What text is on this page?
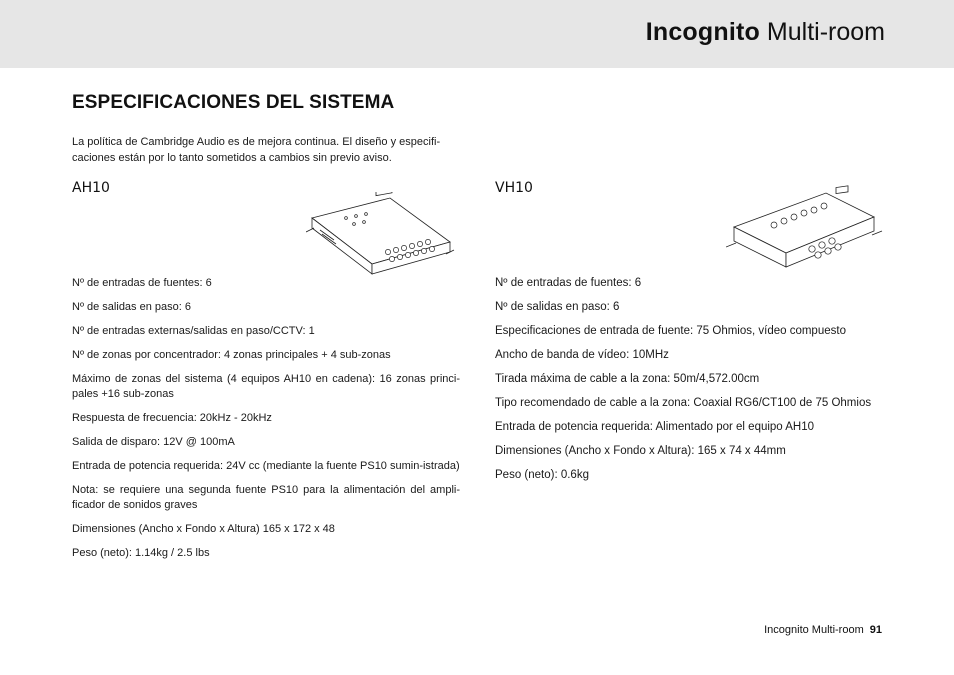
Incognito Multi-room
ESPECIFICACIONES DEL SISTEMA

La política de Cambridge Audio es de mejora continua. El diseño y especifi-caciones están por lo tanto sometidos a cambios sin previo aviso.

AH10	VH10

Nº de entradas de fuentes: 6

Nº de salidas en paso: 6

Nº de entradas externas/salidas en paso/CCTV: 1

Nº de zonas por concentrador: 4 zonas principales + 4 sub-zonas

Máximo de zonas del sistema (4 equipos AH10 en cadena): 16 zonas princi-pales +16 sub-zonas

Respuesta de frecuencia: 20kHz - 20kHz

Salida de disparo: 12V @ 100mA

Entrada de potencia requerida: 24V cc (mediante la fuente PS10 sumin-istrada)

Nota: se requiere una segunda fuente PS10 para la alimentación del ampli-ficador de sonidos graves

Dimensiones (Ancho x Fondo x Altura) 165 x 172 x 48

Peso (neto): 1.14kg / 2.5 lbs

Nº de entradas de fuentes: 6

Nº de salidas en paso: 6

Especificaciones de entrada de fuente: 75 Ohmios, vídeo compuesto

Ancho de banda de vídeo: 10MHz

Tirada máxima de cable a la zona: 50m/4,572.00cm

Tipo recomendado de cable a la zona: Coaxial RG6/CT100 de 75 Ohmios

Entrada de potencia requerida: Alimentado por el equipo AH10

Dimensiones (Ancho x Fondo x Altura): 165 x 74 x 44mm

Peso (neto): 0.6kg

Incognito Multi-room 91
